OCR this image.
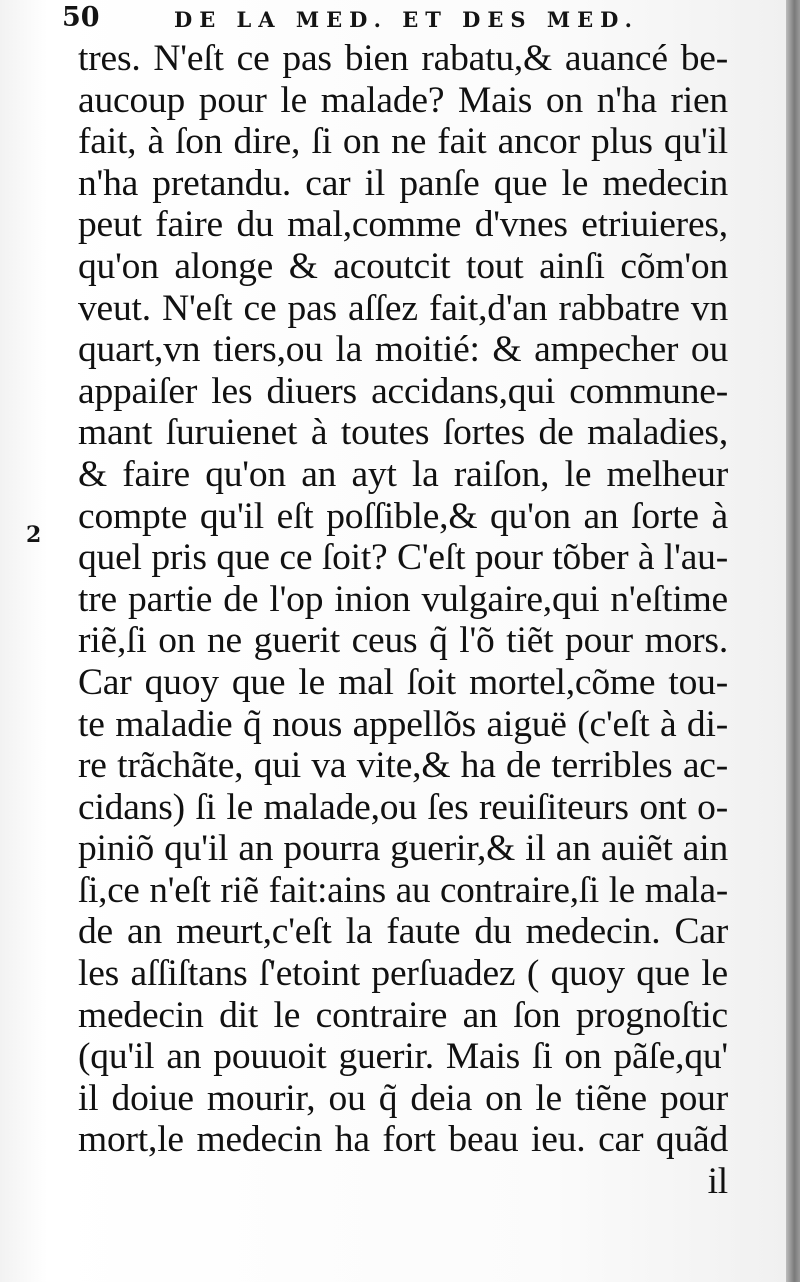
50	DE LA MED. ET DES MED.
2
tres. N'eſt ce pas bien rabatu,& auancé be-
aucoup pour le malade? Mais on n'ha rien
fait, à ſon dire, ſi on ne fait ancor plus qu'il
n'ha pretandu. car il panſe que le medecin
peut faire du mal,comme d'vnes etriuieres,
qu'on alonge & acoutcit tout ainſi cõm'on
veut. N'eſt ce pas aſſez fait,d'an rabbatre vn
quart,vn tiers,ou la moitié: & ampecher ou
appaiſer les diuers accidans,qui commune-
mant ſuruienet à toutes ſortes de maladies,
& faire qu'on an ayt la raiſon, le melheur
compte qu'il eſt poſſible,& qu'on an ſorte à
quel pris que ce ſoit? C'eſt pour tõber à l'au-
tre partie de l'op inion vulgaire,qui n'eſtime
riẽ,ſi on ne guerit ceus q̃ l'õ tiẽt pour mors.
Car quoy que le mal ſoit mortel,cõme tou-
te maladie q̃ nous appellõs aiguë (c'eſt à di-
re trãchãte, qui va vite,& ha de terribles ac-
cidans) ſi le malade,ou ſes reuiſiteurs ont o-
piniõ qu'il an pourra guerir,& il an auiẽt ain
ſi,ce n'eſt riẽ fait:ains au contraire,ſi le mala-
de an meurt,c'eſt la faute du medecin. Car
les aſſiſtans ſ'etoint perſuadez ( quoy que le
medecin dit le contraire an ſon prognoſtic
(qu'il an pouuoit guerir. Mais ſi on pãſe,qu'
il doiue mourir, ou q̃ deia on le tiẽne pour
mort,le medecin ha fort beau ieu. car quãd
il
